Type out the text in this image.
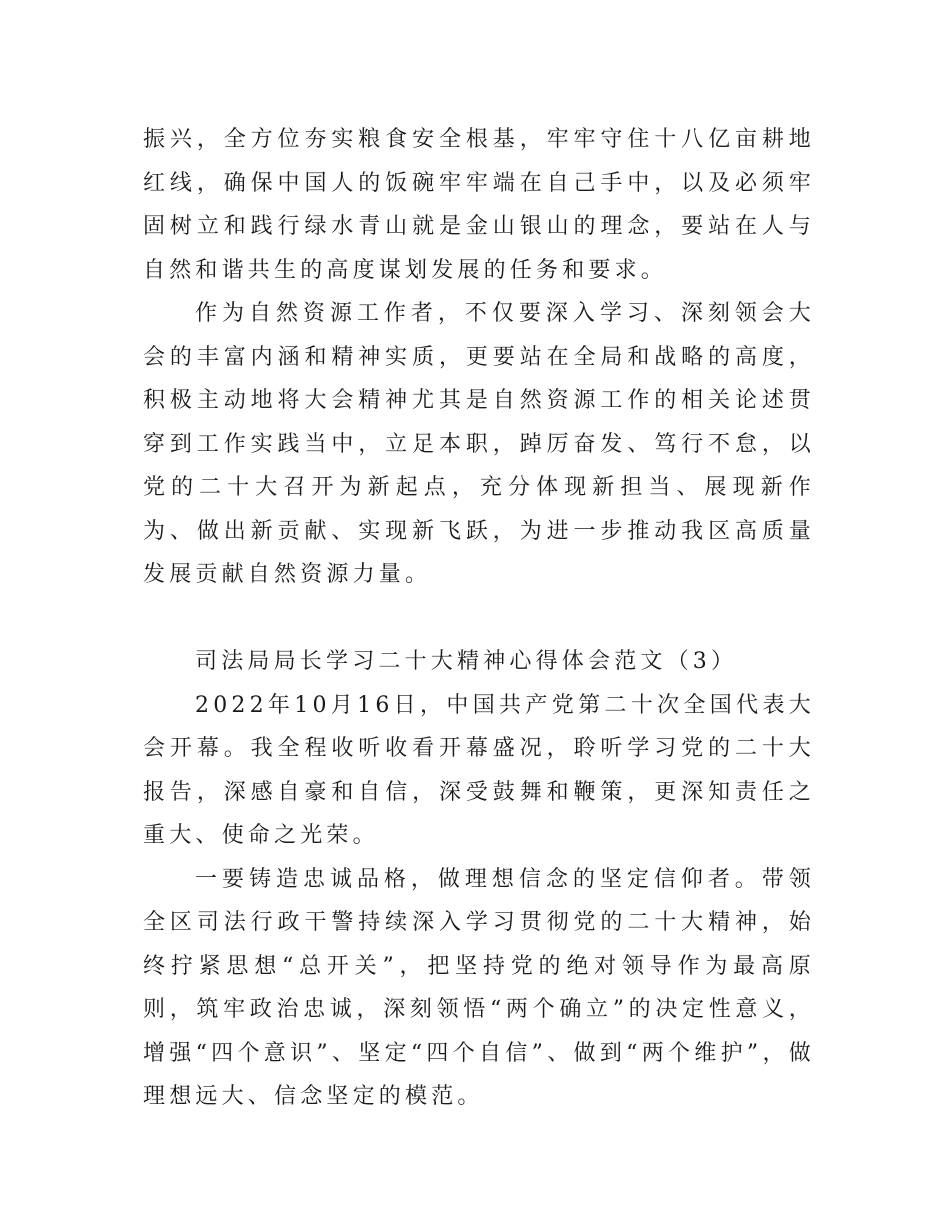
振兴，全方位夯实粮食安全根基，牢牢守住十八亿亩耕地红线，确保中国人的饭碗牢牢端在自己手中，以及必须牢固树立和践行绿水青山就是金山银山的理念，要站在人与自然和谐共生的高度谋划发展的任务和要求。

作为自然资源工作者，不仅要深入学习、深刻领会大会的丰富内涵和精神实质，更要站在全局和战略的高度，积极主动地将大会精神尤其是自然资源工作的相关论述贯穿到工作实践当中，立足本职，踔厉奋发、笃行不怠，以党的二十大召开为新起点，充分体现新担当、展现新作为、做出新贡献、实现新飞跃，为进一步推动我区高质量发展贡献自然资源力量。

司法局局长学习二十大精神心得体会范文（3）

2022年10月16日，中国共产党第二十次全国代表大会开幕。我全程收听收看开幕盛况，聆听学习党的二十大报告，深感自豪和自信，深受鼓舞和鞭策，更深知责任之重大、使命之光荣。

一要铸造忠诚品格，做理想信念的坚定信仰者。带领全区司法行政干警持续深入学习贯彻党的二十大精神，始终拧紧思想“总开关”，把坚持党的绝对领导作为最高原则，筑牢政治忠诚，深刻领悟“两个确立”的决定性意义，增强“四个意识”、坚定“四个自信”、做到“两个维护”，做理想远大、信念坚定的模范。
